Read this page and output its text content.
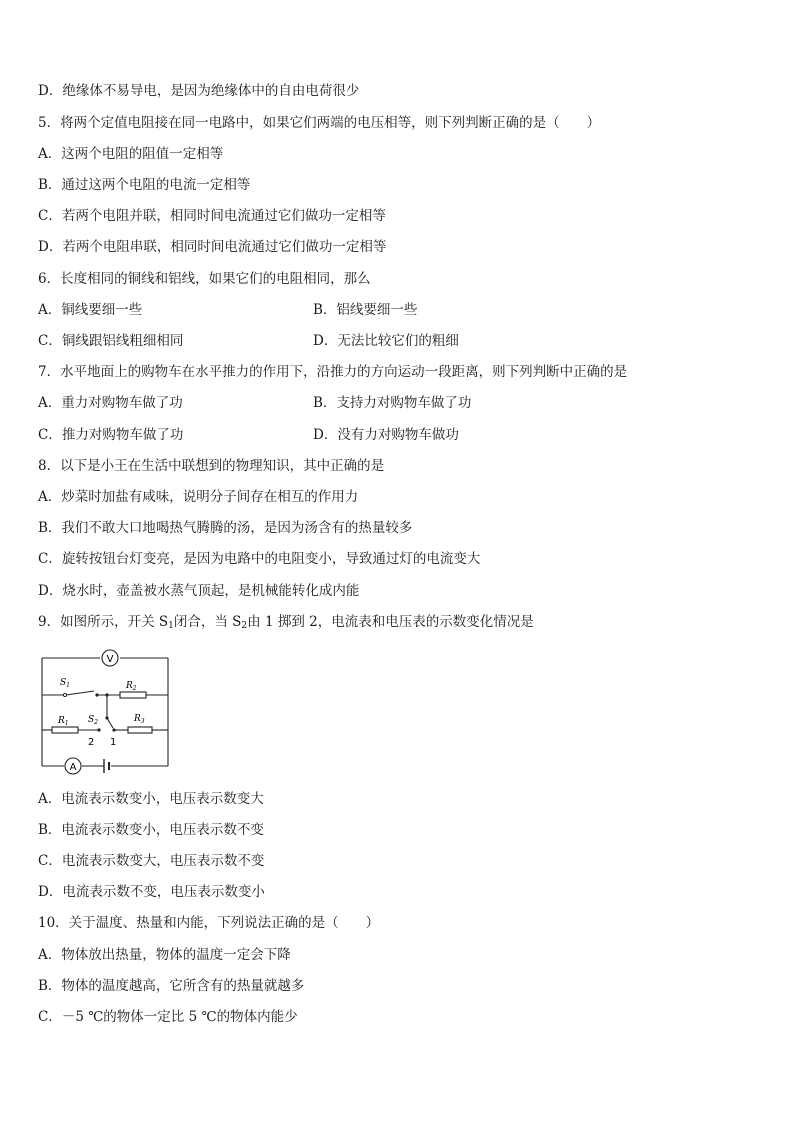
D．绝缘体不易导电，是因为绝缘体中的自由电荷很少
5．将两个定值电阻接在同一电路中，如果它们两端的电压相等，则下列判断正确的是（　　）
A．这两个电阻的阻值一定相等
B．通过这两个电阻的电流一定相等
C．若两个电阻并联，相同时间电流通过它们做功一定相等
D．若两个电阻串联，相同时间电流通过它们做功一定相等
6．长度相同的铜线和铝线，如果它们的电阻相同，那么
A．铜线要细一些	B．铝线要细一些
C．铜线跟铝线粗细相同	D．无法比较它们的粗细
7．水平地面上的购物车在水平推力的作用下，沿推力的方向运动一段距离，则下列判断中正确的是
A．重力对购物车做了功	B．支持力对购物车做了功
C．推力对购物车做了功	D．没有力对购物车做功
8．以下是小王在生活中联想到的物理知识，其中正确的是
A．炒菜时加盐有咸味，说明分子间存在相互的作用力
B．我们不敢大口地喝热气腾腾的汤，是因为汤含有的热量较多
C．旋转按钮台灯变亮，是因为电路中的电阻变小，导致通过灯的电流变大
D．烧水时，壶盖被水蒸气顶起，是机械能转化成内能
9．如图所示，开关 $S_1$闭合，当 $S_2$由 1 掷到 2，电流表和电压表的示数变化情况是
V
A
$S_1$	$R_2$
$R_1$ $S_2$	$R_3$
2 1
A．电流表示数变小，电压表示数变大
B．电流表示数变小，电压表示数不变
C．电流表示数变大，电压表示数不变
D．电流表示数不变，电压表示数变小
10．关于温度、热量和内能，下列说法正确的是（　　）
A．物体放出热量，物体的温度一定会下降
B．物体的温度越高，它所含有的热量就越多
C．－5 ℃的物体一定比 5 ℃的物体内能少
